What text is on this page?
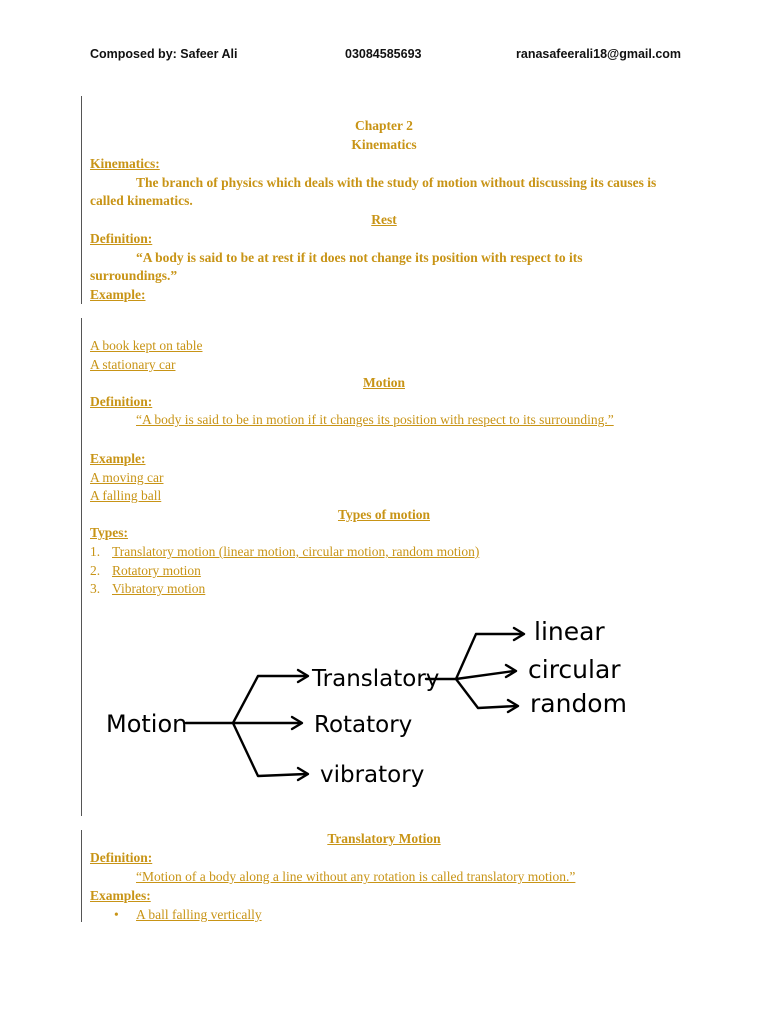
Composed by: Safeer Ali	03084585693	ranasafeerali18@gmail.com
Chapter 2
Kinematics
Kinematics:
The branch of physics which deals with the study of motion without discussing its causes is
called kinematics.
Rest
Definition:
“A body is said to be at rest if it does not change its position with respect to its
surroundings.”
Example:
A book kept on table
A stationary car
Motion
Definition:
“A body is said to be in motion if it changes its position with respect to its surrounding.”
Example:
A moving car
A falling ball
Types of motion
Types:
1. Translatory motion (linear motion, circular motion, random motion)
2. Rotatory motion
3. Vibratory motion
Motion
Translatory
Rotatory
vibratory
linear
circular
random
Translatory Motion
Definition:
“Motion of a body along a line without any rotation is called translatory motion.”
Examples:
• A ball falling vertically
